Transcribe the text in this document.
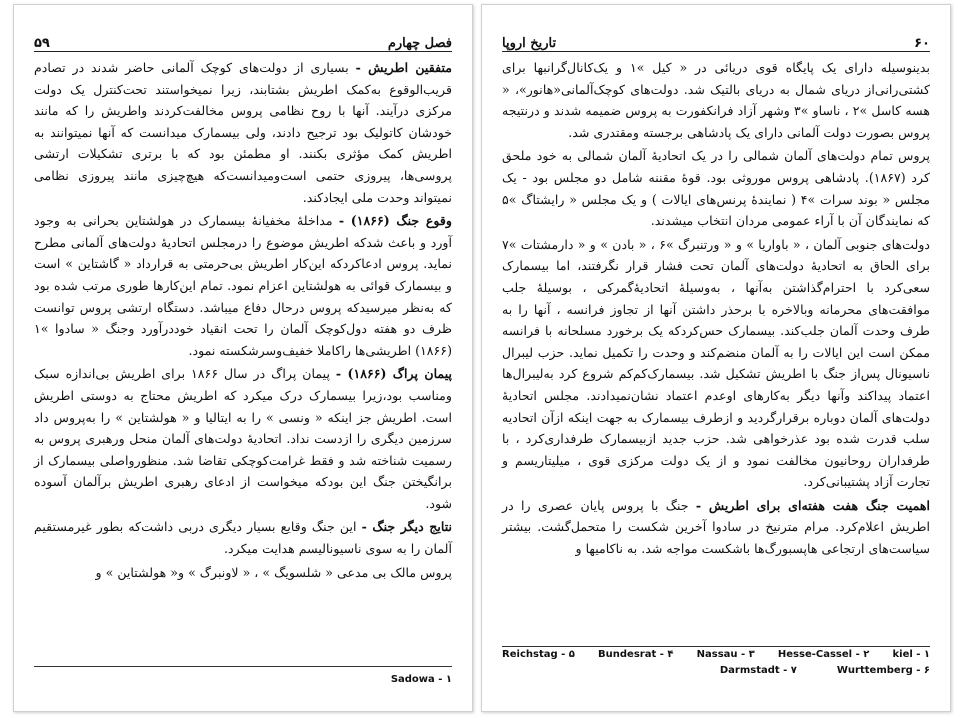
۵۹	فصل چهارم

متفقین اطریش - بسیاری از دولت‌های کوچک آلمانی حاضر شدند در تصادم قریب‌الوقوع به‌کمک اطریش بشتابند، زیرا نمیخواستند تحت‌کنترل یک دولت مرکزی درآیند. آنها با روح نظامی پروس مخالفت‌کردند واطریش را که مانند خودشان کاتولیک بود ترجیح دادند، ولی بیسمارک میدانست که آنها نمیتوانند به اطریش کمک مؤثری بکنند. او مطمئن بود که با برتری تشکیلات ارتشی پروسی‌ها، پیروزی حتمی است‌ومیدانست‌که هیچ‌چیزی مانند پیروزی نظامی نمیتواند وحدت ملی ایجاد‌کند.

وقوع جنگ (۱۸۶۶) - مداخلهٔ مخفیانهٔ بیسمارک در هولشتاین بحرانی به وجود آورد و باعث شد‌که اطریش موضوع را درمجلس اتحادیهٔ دولت‌های آلمانی مطرح نماید. پروس ادعا‌کرد‌که این‌کار اطریش بی‌حرمتی به قرارداد « گاشتاین » است و بیسمارک قوائی به هولشتاین اعزام نمود. تمام این‌کارها طوری مرتب شده بود که به‌نظر میرسید‌که پروس درحال دفاع میباشد. دستگاه ارتشی پروس توانست ظرف دو هفته دول‌کوچک آلمان را تحت انقیاد خوددرآورد وجنگ « سادوا »۱ (۱۸۶۶) اطریشی‌ها را‌کاملا خفیف‌وسرشکسته نمود.

پیمان پراگ (۱۸۶۶) - پیمان پراگ در سال ۱۸۶۶ برای اطریش بی‌اندازه سبک ومناسب بود،زیرا بیسمارک درک میکرد که اطریش محتاج به دوستی اطریش است. اطریش جز اینکه « ونسی » را به ایتالیا و « هولشتاین » را به‌پروس داد سرزمین دیگری را ازدست نداد. اتحادیهٔ دولت‌های آلمان منحل ورهبری پروس به رسمیت شناخته شد و فقط غرامت‌کوچکی تقاضا شد. منظورواصلی بیسمارک از برانگیختن جنگ این بود‌که میخواست از ادعای رهبری اطریش برآلمان آسوده شود.

نتایج دیگر جنگ - این جنگ وقایع بسیار دیگری دربی داشت‌که بطور غیرمستقیم آلمان را به سوی ناسیونالیسم هدایت میکرد.

پروس مالک بی مدعی « شلسویگ » ، « لاونبرگ » و« هولشتاین » و

Sadowa - ۱
تاریخ اروپا	۶۰

بدینوسیله دارای یک پایگاه قوی دریائی در « کیل »۱ و یک‌کانال‌گرانبها برای کشتی‌رانی‌از دریای شمال به دریای بالتیک شد. دولت‌های کوچک‌آلمانی‌«هانور»، « هسه کاسل »۲ ، ناساو »۳ وشهر آزاد فرانکفورت به پروس ضمیمه شدند و درنتیجه پروس بصورت دولت آلمانی دارای یک پادشاهی برجسته ومقتدری شد.

پروس تمام دولت‌های آلمان شمالی را در یک اتحادیهٔ آلمان شمالی به خود ملحق کرد (۱۸۶۷). پادشاهی پروس موروثی بود. قوهٔ مقننه شامل دو مجلس بود - یک مجلس « بوند سرات »۴ ( نمایندهٔ پرنس‌های ایالات ) و یک مجلس « رایشتاگ »۵ که نمایندگان آن با آراء عمومی مردان انتخاب میشدند.

دولت‌های جنوبی آلمان ، « باواریا » و « ورتنبرگ »۶ ، « بادن » و « دارمشتات »۷ برای الحاق به اتحادیهٔ دولت‌های آلمان تحت فشار قرار نگرفتند، اما بیسمارک سعی‌کرد با احترام‌گذاشتن به‌آنها ، به‌وسیلهٔ اتحادیهٔ‌گمرکی ، بوسیلهٔ جلب موافقت‌های محرمانه وبالاخره با برحذر داشتن آنها از تجاوز فرانسه ، آنها را به طرف وحدت آلمان جلب‌کند. بیسمارک حس‌کرد‌که یک برخورد مسلحانه با فرانسه ممکن است این ایالات را به آلمان منضم‌کند و وحدت را تکمیل نماید. حزب لیبرال ناسیونال پس‌از جنگ با اطریش تشکیل شد. بیسمارک‌کم‌کم شروع کرد به‌لیبرال‌ها اعتماد پیدا‌کند و‌آنها دیگر به‌کارهای او‌عدم اعتماد نشان‌نمیدادند. مجلس اتحادیهٔ دولت‌های آلمان دوباره برقرار‌گردید و ازطرف بیسمارک به جهت اینکه ازآن اتحادیه سلب قدرت شده بود عذرخواهی شد. حزب جدید ازبیسمارک طرفداری‌کرد ، با طرفداران روحانیون مخالفت نمود و از یک دولت مرکزی قوی ، میلیتاریسم و تجارت آزاد پشتیبانی‌کرد.

اهمیت جنگ هفت هفته‌ای برای اطریش - جنگ با پروس پایان عصری را در اطریش اعلام‌کرد. مرام مترنیخ در سادوا آخرین شکست را متحمل‌گشت. بیشتر سیاست‌های ارتجاعی هاپسبورگ‌ها باشکست مواجه شد. به ناکامیها و

kiel - ۱
Hesse-Cassel - ۲
Nassau - ۳
Bundesrat - ۴
Reichstag - ۵
Wurttemberg - ۶
Darmstadt - ۷
